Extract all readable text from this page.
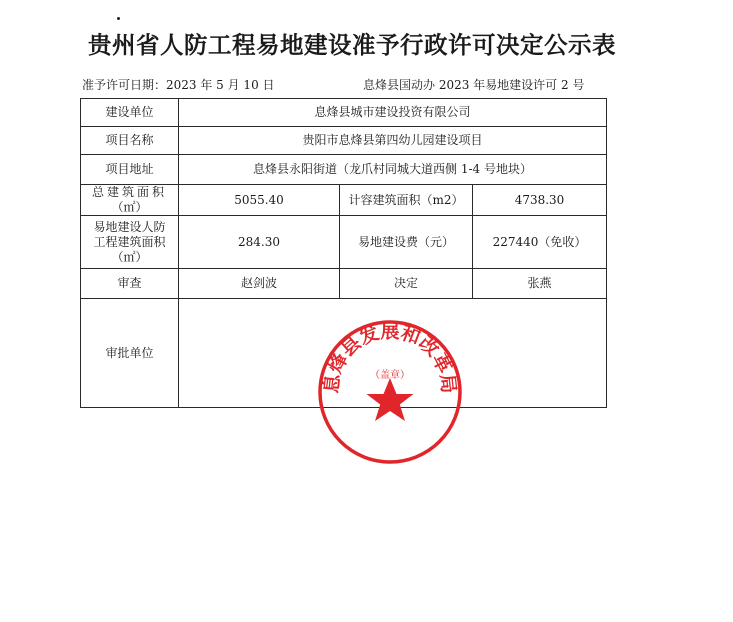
贵州省人防工程易地建设准予行政许可决定公示表
准予许可日期：2023 年 5 月 10 日	息烽县国动办 2023 年易地建设许可 2 号
建设单位	息烽县城市建设投资有限公司		
项目名称	贵阳市息烽县第四幼儿园建设项目		
项目地址	息烽县永阳街道（龙爪村同城大道西侧 1-4 号地块）		

总建筑面积
（㎡）	5055.40	计容建筑面积（m2）	4738.30

易地建设人防
工程建筑面积
（㎡）	284.30	易地建设费（元）	227440（免收）
审查	赵剑波	决定	张燕
审批单位			
息烽县发展和改革局
（盖章）
